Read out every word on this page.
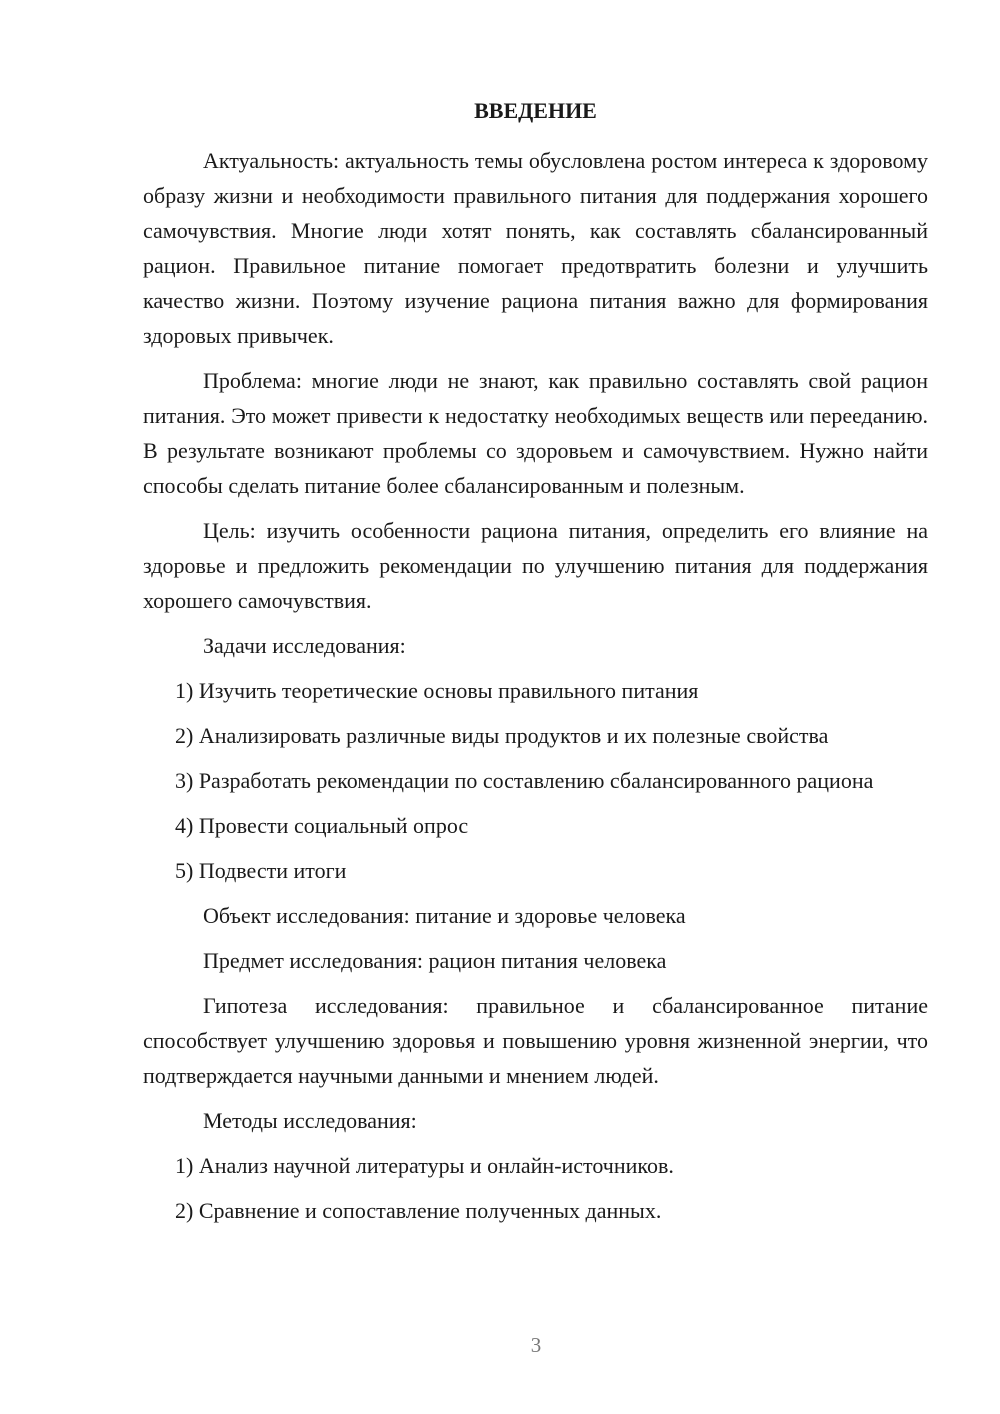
ВВЕДЕНИЕ

Актуальность: актуальность темы обусловлена ростом интереса к здоровому образу жизни и необходимости правильного питания для поддержания хорошего самочувствия. Многие люди хотят понять, как составлять сбалансированный рацион. Правильное питание помогает предотвратить болезни и улучшить качество жизни. Поэтому изучение рациона питания важно для формирования здоровых привычек.

Проблема: многие люди не знают, как правильно составлять свой рацион питания. Это может привести к недостатку необходимых веществ или перееданию. В результате возникают проблемы со здоровьем и самочувствием. Нужно найти способы сделать питание более сбалансированным и полезным.

Цель: изучить особенности рациона питания, определить его влияние на здоровье и предложить рекомендации по улучшению питания для поддержания хорошего самочувствия.

Задачи исследования:
1) Изучить теоретические основы правильного питания
2) Анализировать различные виды продуктов и их полезные свойства
3) Разработать рекомендации по составлению сбалансированного рациона
4) Провести социальный опрос
5) Подвести итоги
Объект исследования: питание и здоровье человека
Предмет исследования: рацион питания человека

Гипотеза исследования: правильное и сбалансированное питание способствует улучшению здоровья и повышению уровня жизненной энергии, что подтверждается научными данными и мнением людей.

Методы исследования:
1) Анализ научной литературы и онлайн-источников.
2) Сравнение и сопоставление полученных данных.
3
